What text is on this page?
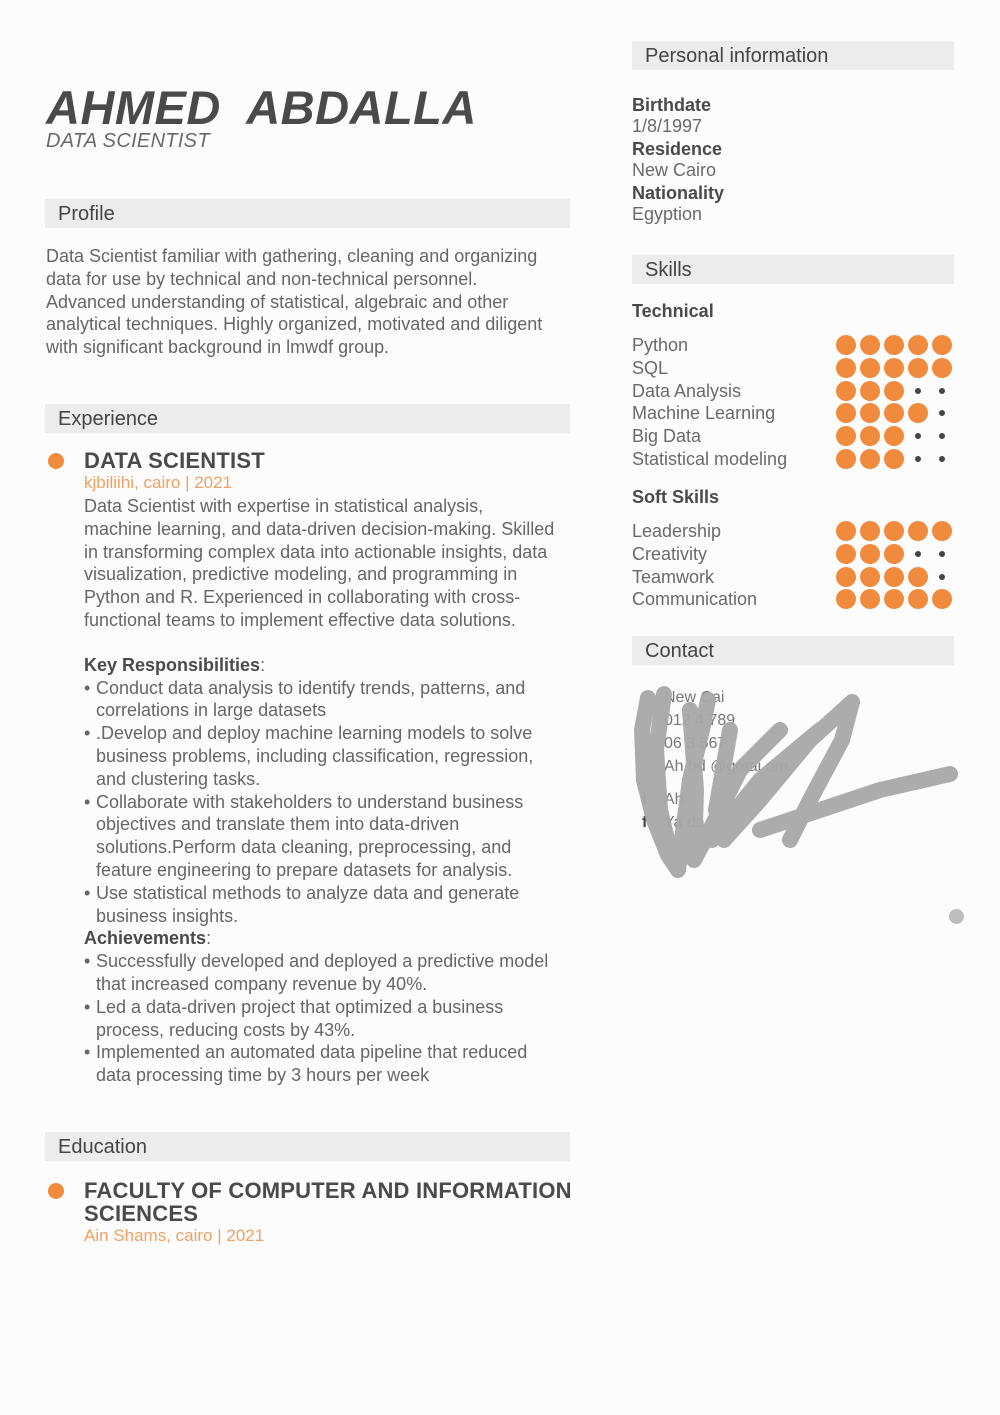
AHMED  ABDALLA
DATA SCIENTIST
Profile
Data Scientist familiar with gathering, cleaning and organizing
data for use by technical and non-technical personnel.
Advanced understanding of statistical, algebraic and other
analytical techniques. Highly organized, motivated and diligent
with significant background in lmwdf group.
Experience
DATA SCIENTIST
kjbiliihi, cairo | 2021
Data Scientist with expertise in statistical analysis,
machine learning, and data-driven decision-making. Skilled
in transforming complex data into actionable insights, data
visualization, predictive modeling, and programming in
Python and R. Experienced in collaborating with cross-
functional teams to implement effective data solutions.
Key Responsibilities:
• Conduct data analysis to identify trends, patterns, and
correlations in large datasets
• .Develop and deploy machine learning models to solve
business problems, including classification, regression,
and clustering tasks.
• Collaborate with stakeholders to understand business
objectives and translate them into data-driven
solutions.Perform data cleaning, preprocessing, and
feature engineering to prepare datasets for analysis.
• Use statistical methods to analyze data and generate
business insights.
Achievements:
• Successfully developed and deployed a predictive model
that increased company revenue by 40%.
• Led a data-driven project that optimized a business
process, reducing costs by 43%.
• Implemented an automated data pipeline that reduced
data processing time by 3 hours per week
Education
FACULTY OF COMPUTER AND INFORMATION
SCIENCES
Ain Shams, cairo | 2021
Personal information
Birthdate
1/8/1997
Residence
New Cairo
Nationality
Egyption
Skills
Technical
Python
SQL
Data Analysis
Machine Learning
Big Data
Statistical modeling
Soft Skills
Leadership
Creativity
Teamwork
Communication
Contact
New Cai
012 4 789
06 3 567
Ah bd @gmai om
i Ah
f Ya da
